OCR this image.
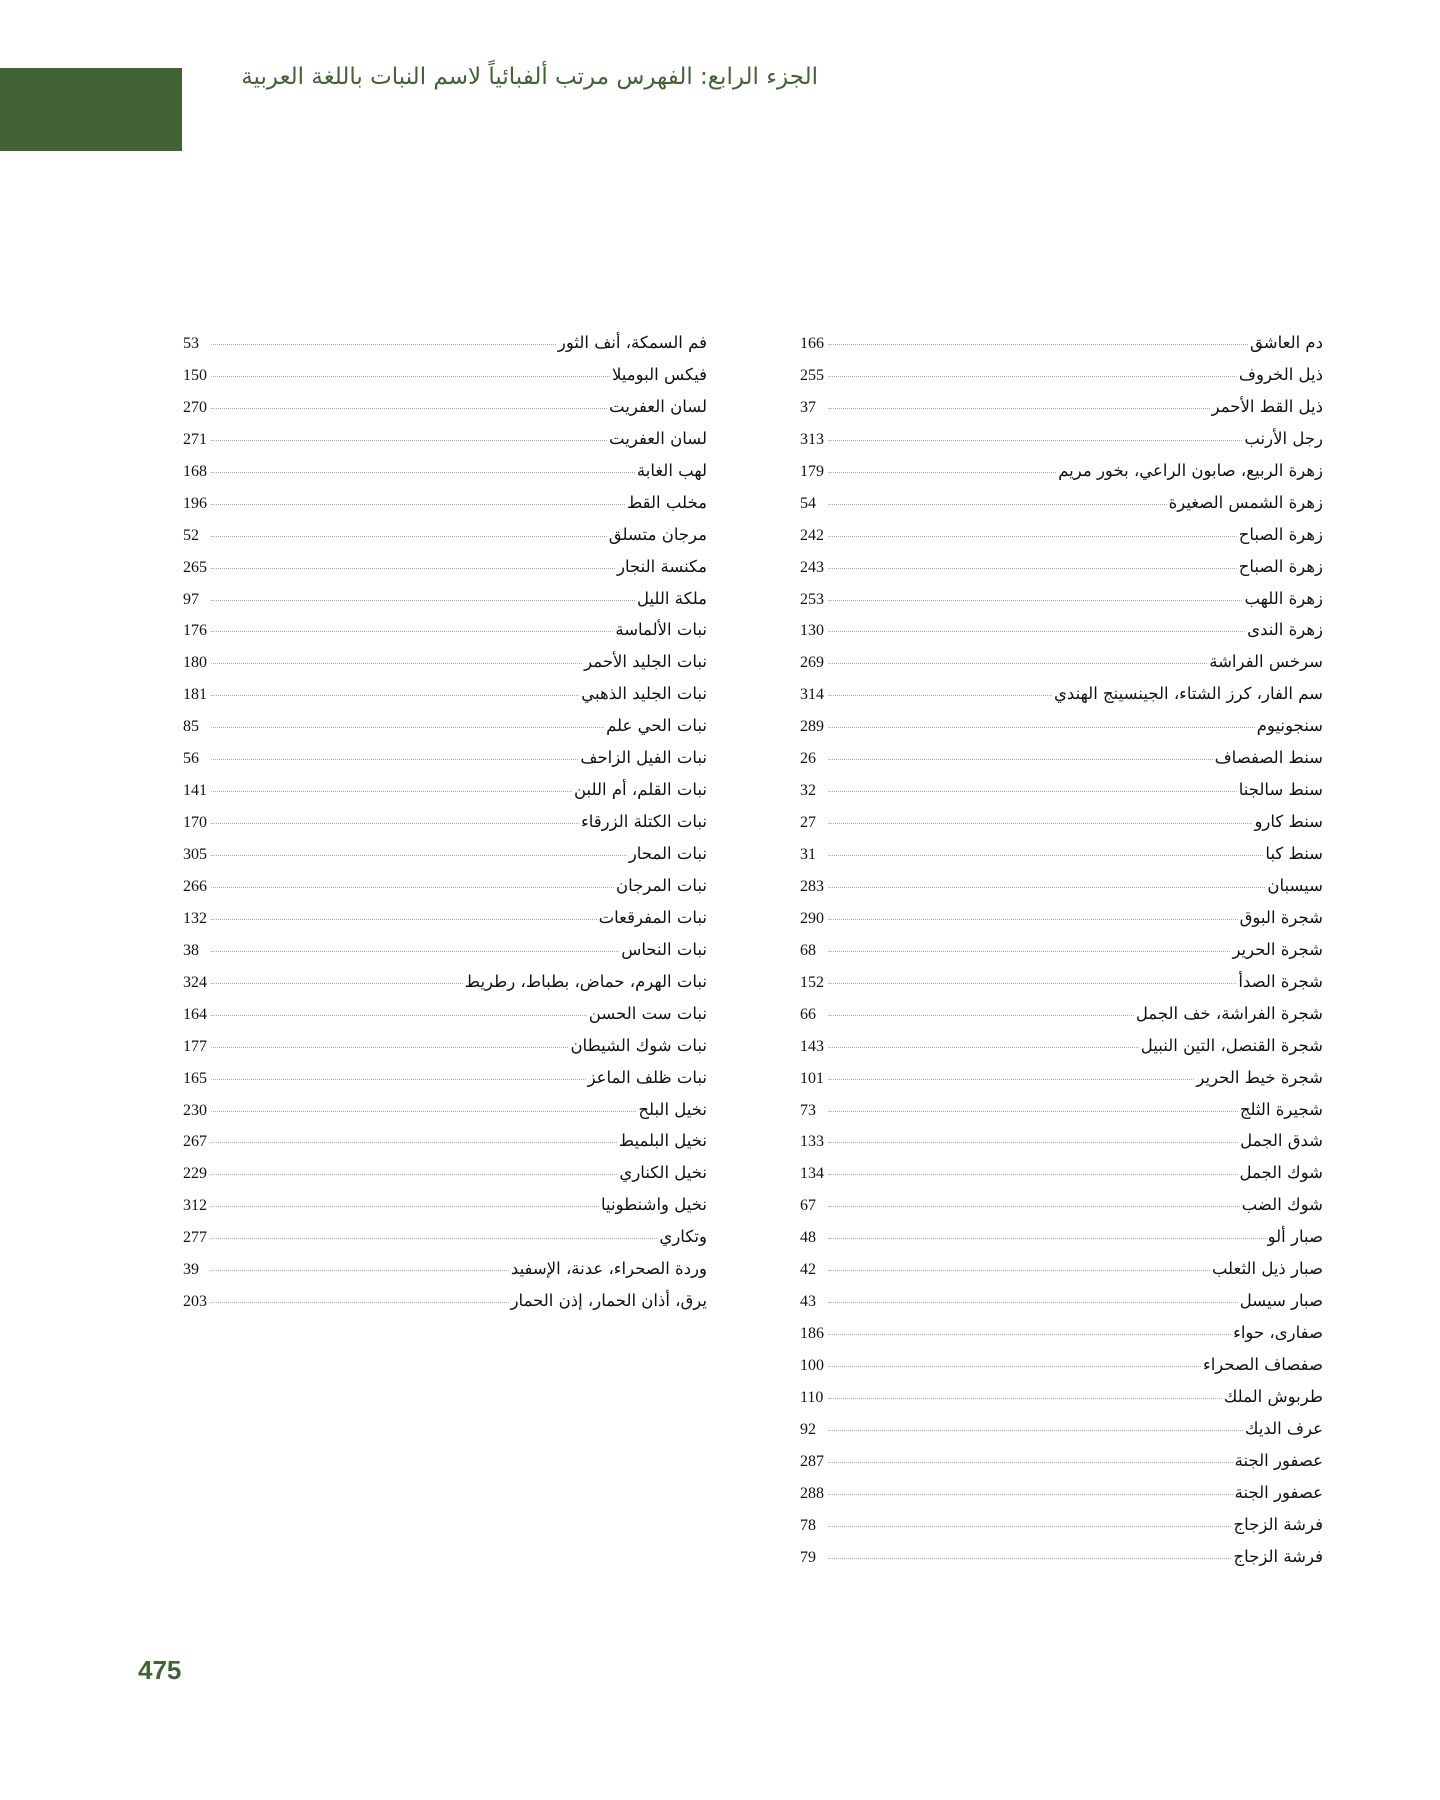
الجزء الرابع: الفهرس مرتب ألفبائياً لاسم النبات باللغة العربية
دم العاشق
166
ذيل الخروف
255
ذيل القط الأحمر
37
رجل الأرنب
313
زهرة الربيع، صابون الراعي، بخور مريم
179
زهرة الشمس الصغيرة
54
زهرة الصباح
242
زهرة الصباح
243
زهرة اللهب
253
زهرة الندى
130
سرخس الفراشة
269
سم الفار، كرز الشتاء، الجينسينج الهندي
314
سنجونيوم
289
سنط الصفصاف
26
سنط سالجنا
32
سنط كارو
27
سنط كبا
31
سيسبان
283
شجرة البوق
290
شجرة الحرير
68
شجرة الصدأ
152
شجرة الفراشة، خف الجمل
66
شجرة القنصل، التين النبيل
143
شجرة خيط الحرير
101
شجيرة الثلج
73
شدق الجمل
133
شوك الجمل
134
شوك الضب
67
صبار ألو
48
صبار ذيل الثعلب
42
صبار سيسل
43
صفارى، حواء
186
صفصاف الصحراء
100
طربوش الملك
110
عرف الديك
92
عصفور الجنة
287
عصفور الجنة
288
فرشة الزجاج
78
فرشة الزجاج
79
فم السمكة، أنف الثور
53
فيكس البوميلا
150
لسان العفريت
270
لسان العفريت
271
لهب الغابة
168
مخلب القط
196
مرجان متسلق
52
مكنسة النجار
265
ملكة الليل
97
نبات الألماسة
176
نبات الجليد الأحمر
180
نبات الجليد الذهبي
181
نبات الحي علم
85
نبات الفيل الزاحف
56
نبات القلم، أم اللبن
141
نبات الكتلة الزرقاء
170
نبات المحار
305
نبات المرجان
266
نبات المفرقعات
132
نبات النحاس
38
نبات الهرم، حماض، بطباط، رطريط
324
نبات ست الحسن
164
نبات شوك الشيطان
177
نبات ظلف الماعز
165
نخيل البلح
230
نخيل البلميط
267
نخيل الكناري
229
نخيل واشنطونيا
312
وتكاري
277
وردة الصحراء، عدنة، الإسفيد
39
يرق، أذان الحمار، إذن الحمار
203
475
